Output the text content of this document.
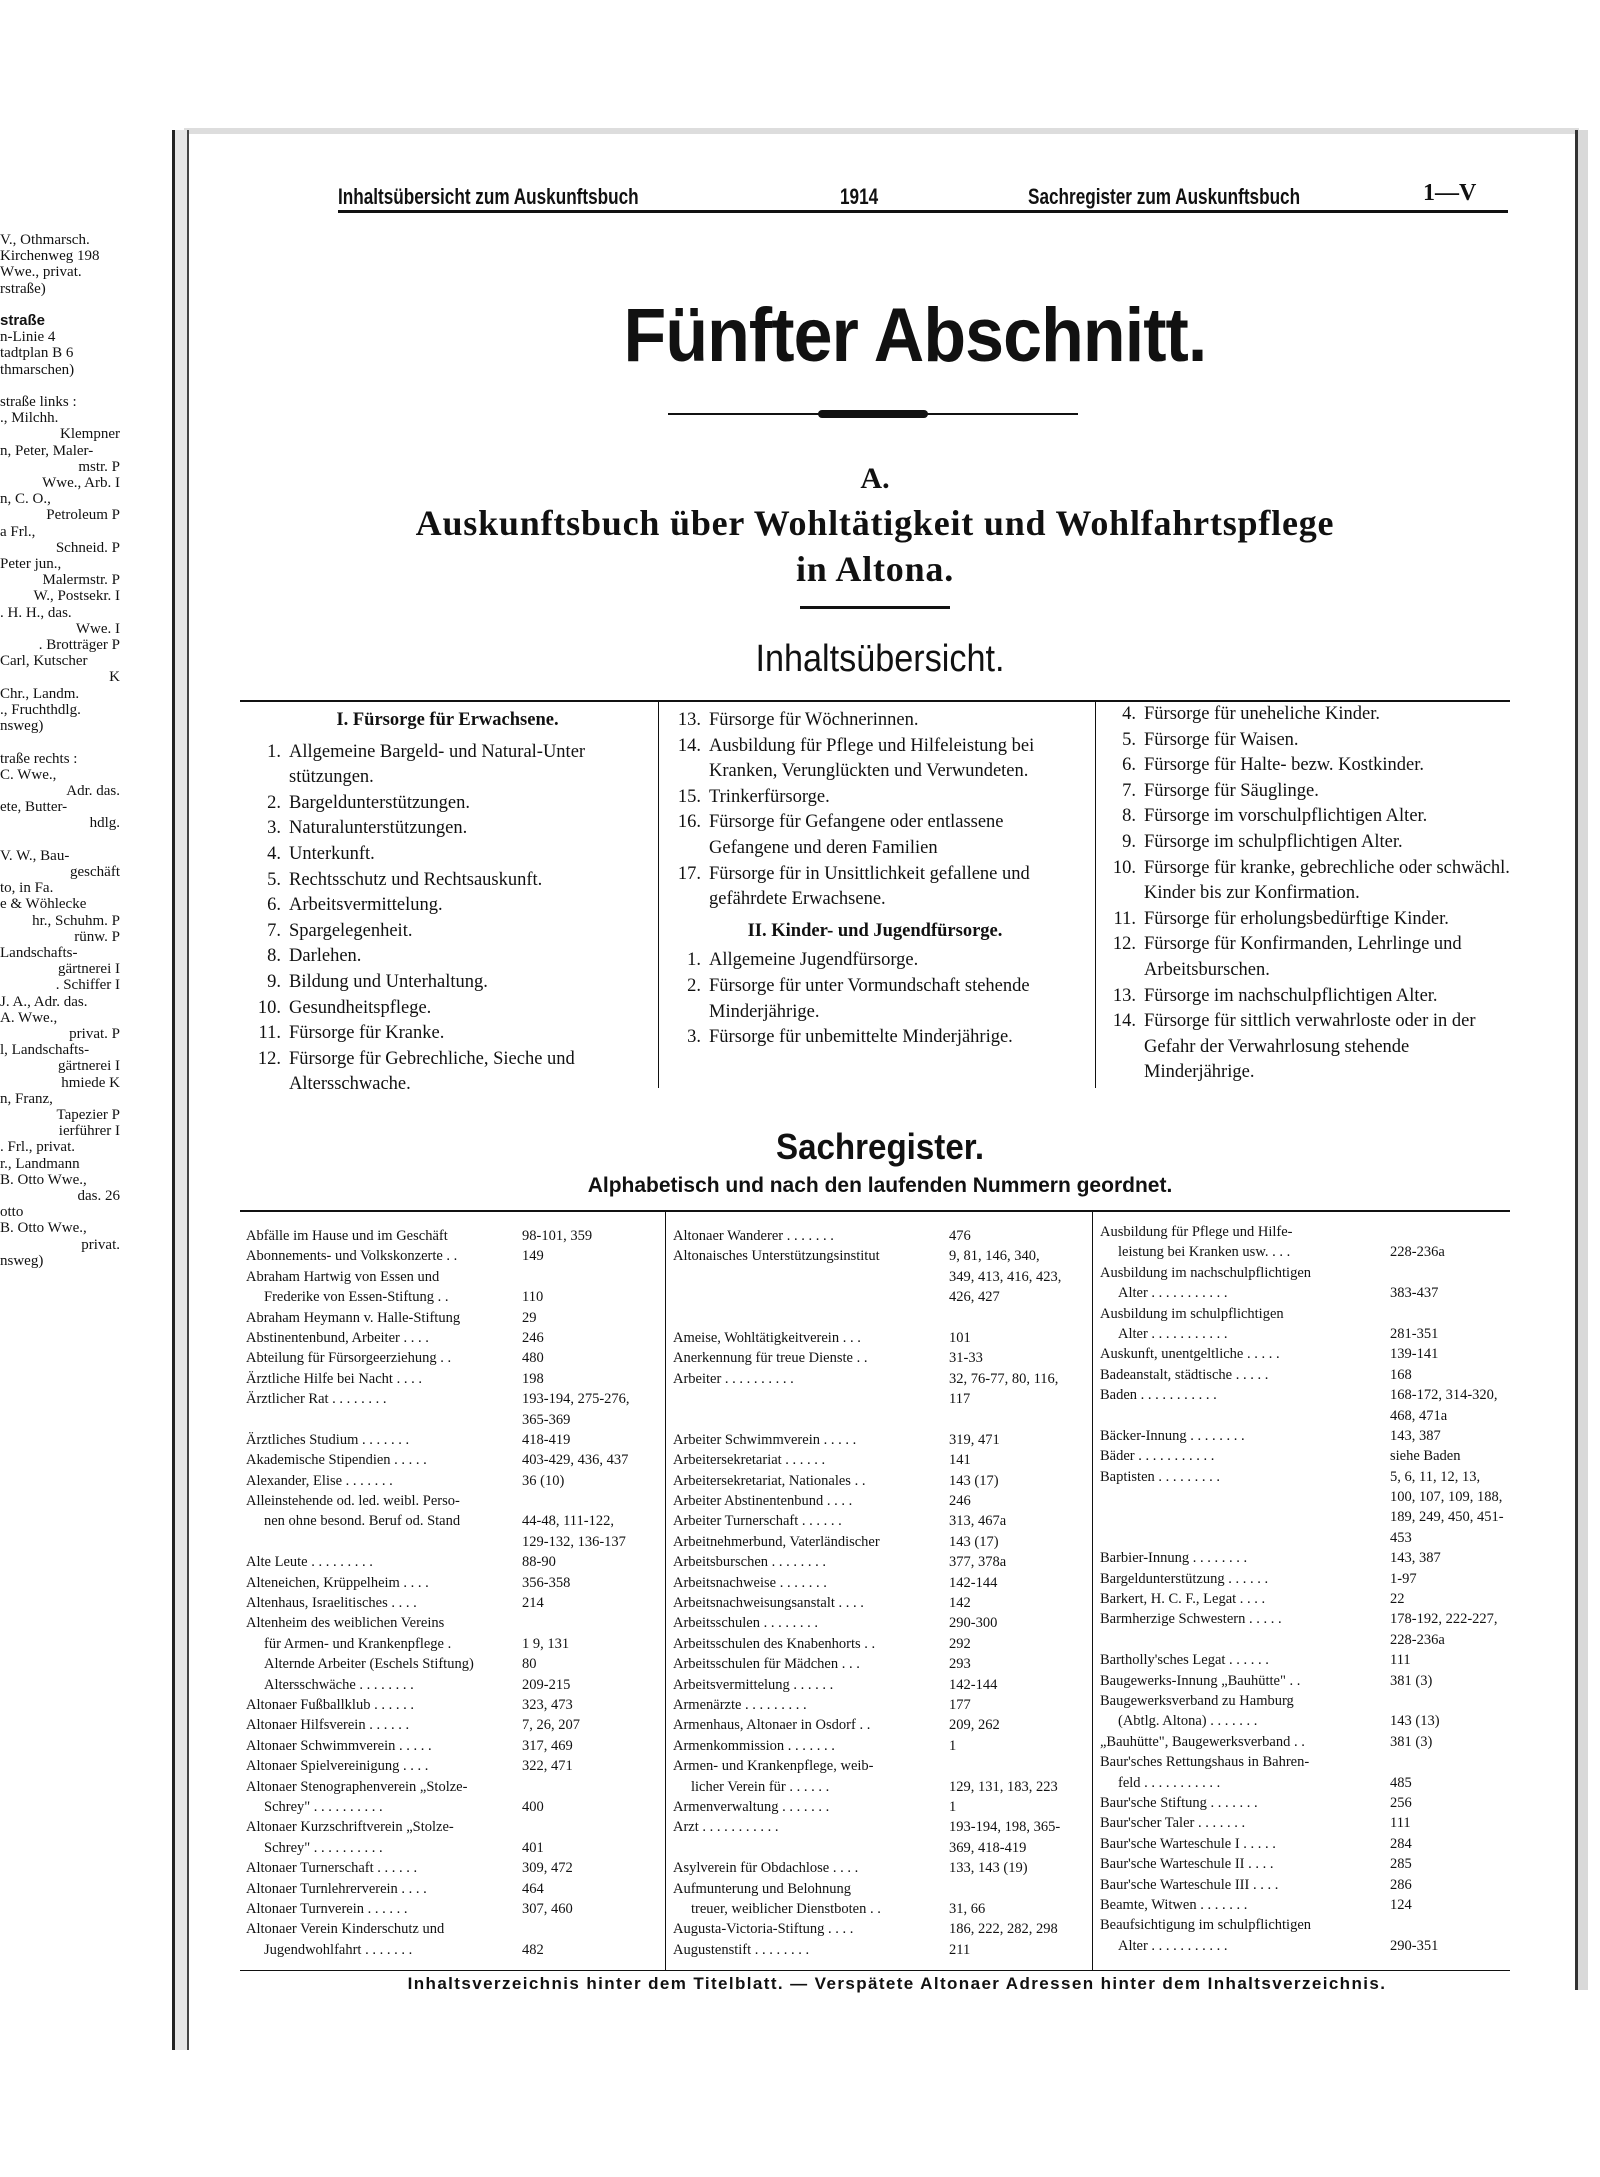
V., Othmarsch.
Kirchenweg 198
Wwe., privat.
rstraße)

straße
n-Linie 4
tadtplan B 6
thmarschen)

straße links :
., Milchh.
Klempner
n, Peter, Maler-
mstr. P
Wwe., Arb. I
n, C. O.,
Petroleum P
a Frl.,
Schneid. P
Peter jun.,
Malermstr. P
W., Postsekr. I
. H. H., das.
Wwe. I
. Brotträger P
Carl, Kutscher
K
Chr., Landm.
., Fruchthdlg.
nsweg)

traße rechts :
C. Wwe.,
Adr. das.
ete, Butter-
hdlg.

V. W., Bau-
geschäft
to, in Fa.
e & Wöhlecke
hr., Schuhm. P
rünw. P
Landschafts-
gärtnerei I
. Schiffer I
J. A., Adr. das.
A. Wwe.,
privat. P
l, Landschafts-
gärtnerei I
hmiede K
n, Franz,
Tapezier P
ierführer I
. Frl., privat.
r., Landmann
B. Otto Wwe.,
das. 26
otto
B. Otto Wwe.,
privat.
nsweg)
Inhaltsübersicht zum Auskunftsbuch	1914	Sachregister zum Auskunftsbuch	1—V
Fünfter Abschnitt.
A.
Auskunftsbuch über Wohltätigkeit und Wohlfahrtspflege
in Altona.
Inhaltsübersicht.
I. Fürsorge für Erwachsene.
1. Allgemeine Bargeld- und Natural-Unter stützungen.
2. Bargeldunterstützungen.
3. Naturalunterstützungen.
4. Unterkunft.
5. Rechtsschutz und Rechtsauskunft.
6. Arbeitsvermittelung.
7. Spargelegenheit.
8. Darlehen.
9. Bildung und Unterhaltung.
10. Gesundheitspflege.
11. Fürsorge für Kranke.
12. Fürsorge für Gebrechliche, Sieche und Altersschwache.
13. Fürsorge für Wöchnerinnen.
14. Ausbildung für Pflege und Hilfeleistung bei Kranken, Verunglückten und Verwundeten.
15. Trinkerfürsorge.
16. Fürsorge für Gefangene oder entlassene Gefangene und deren Familien
17. Fürsorge für in Unsittlichkeit gefallene und gefährdete Erwachsene.
II. Kinder- und Jugendfürsorge.
1. Allgemeine Jugendfürsorge.
2. Fürsorge für unter Vormundschaft stehende Minderjährige.
3. Fürsorge für unbemittelte Minderjährige.
4. Fürsorge für uneheliche Kinder.
5. Fürsorge für Waisen.
6. Fürsorge für Halte- bezw. Kostkinder.
7. Fürsorge für Säuglinge.
8. Fürsorge im vorschulpflichtigen Alter.
9. Fürsorge im schulpflichtigen Alter.
10. Fürsorge für kranke, gebrechliche oder schwächl. Kinder bis zur Konfirmation.
11. Fürsorge für erholungsbedürftige Kinder.
12. Fürsorge für Konfirmanden, Lehrlinge und Arbeitsburschen.
13. Fürsorge im nachschulpflichtigen Alter.
14. Fürsorge für sittlich verwahrloste oder in der Gefahr der Verwahrlosung stehende Minderjährige.
Sachregister.
Alphabetisch und nach den laufenden Nummern geordnet.
Abfälle im Hause und im Geschäft	98-101, 359
Abonnements- und Volkskonzerte . .	149
Abraham Hartwig von Essen und
Frederike von Essen-Stiftung . .	110
Abraham Heymann v. Halle-Stiftung	29
Abstinentenbund, Arbeiter . . . .	246
Abteilung für Fürsorgeerziehung . .	480
Ärztliche Hilfe bei Nacht . . . .	198
Ärztlicher Rat . . . . . . . .	193-194, 275-276,

365-369
Ärztliches Studium . . . . . . .	418-419
Akademische Stipendien . . . . .	403-429, 436, 437
Alexander, Elise . . . . . . .	36 (10)
Alleinstehende od. led. weibl. Perso-
nen ohne besond. Beruf od. Stand	44-48, 111-122,

129-132, 136-137
Alte Leute . . . . . . . . .	88-90
Alteneichen, Krüppelheim . . . .	356-358
Altenhaus, Israelitisches . . . .	214
Altenheim des weiblichen Vereins
für Armen- und Krankenpflege .	1 9, 131
Alternde Arbeiter (Eschels Stiftung)	80
Altersschwäche . . . . . . . .	209-215
Altonaer Fußballklub . . . . . .	323, 473
Altonaer Hilfsverein . . . . . .	7, 26, 207
Altonaer Schwimmverein . . . . .	317, 469
Altonaer Spielvereinigung . . . .	322, 471
Altonaer Stenographenverein „Stolze-
Schrey" . . . . . . . . . .	400
Altonaer Kurzschriftverein „Stolze-
Schrey" . . . . . . . . . .	401
Altonaer Turnerschaft . . . . . .	309, 472
Altonaer Turnlehrerverein . . . .	464
Altonaer Turnverein . . . . . .	307, 460
Altonaer Verein Kinderschutz und
Jugendwohlfahrt . . . . . . .	482
Altonaer Wanderer . . . . . . .	476
Altonaisches Unterstützungsinstitut	9, 81, 146, 340,

349, 413, 416, 423,

426, 427

Ameise, Wohltätigkeitverein . . .	101
Anerkennung für treue Dienste . .	31-33
Arbeiter . . . . . . . . . .	32, 76-77, 80, 116,

117

Arbeiter Schwimmverein . . . . .	319, 471
Arbeitersekretariat . . . . . .	141
Arbeitersekretariat, Nationales . .	143 (17)
Arbeiter Abstinentenbund . . . .	246
Arbeiter Turnerschaft . . . . . .	313, 467a
Arbeitnehmerbund, Vaterländischer	143 (17)
Arbeitsburschen . . . . . . . .	377, 378a
Arbeitsnachweise . . . . . . .	142-144
Arbeitsnachweisungsanstalt . . . .	142
Arbeitsschulen . . . . . . . .	290-300
Arbeitsschulen des Knabenhorts . .	292
Arbeitsschulen für Mädchen . . .	293
Arbeitsvermittelung . . . . . .	142-144
Armenärzte . . . . . . . . .	177
Armenhaus, Altonaer in Osdorf . .	209, 262
Armenkommission . . . . . . .	1
Armen- und Krankenpflege, weib-
licher Verein für . . . . . .	129, 131, 183, 223
Armenverwaltung . . . . . . .	1
Arzt . . . . . . . . . . .	193-194, 198, 365-

369, 418-419
Asylverein für Obdachlose . . . .	133, 143 (19)
Aufmunterung und Belohnung
treuer, weiblicher Dienstboten . .	31, 66
Augusta-Victoria-Stiftung . . . .	186, 222, 282, 298
Augustenstift . . . . . . . .	211
Ausbildung für Pflege und Hilfe-
leistung bei Kranken usw. . . .	228-236a
Ausbildung im nachschulpflichtigen
Alter . . . . . . . . . . .	383-437
Ausbildung im schulpflichtigen
Alter . . . . . . . . . . .	281-351
Auskunft, unentgeltliche . . . . .	139-141
Badeanstalt, städtische . . . . .	168
Baden . . . . . . . . . . .	168-172, 314-320,

468, 471a
Bäcker-Innung . . . . . . . .	143, 387
Bäder . . . . . . . . . . .	siehe Baden
Baptisten . . . . . . . . .	5, 6, 11, 12, 13,

100, 107, 109, 188,

189, 249, 450, 451-

453
Barbier-Innung . . . . . . . .	143, 387
Bargeldunterstützung . . . . . .	1-97
Barkert, H. C. F., Legat . . . .	22
Barmherzige Schwestern . . . . .	178-192, 222-227,

228-236a
Bartholly'sches Legat . . . . . .	111
Baugewerks-Innung „Bauhütte" . .	381 (3)
Baugewerksverband zu Hamburg
(Abtlg. Altona) . . . . . . .	143 (13)
„Bauhütte", Baugewerksverband . .	381 (3)
Baur'sches Rettungshaus in Bahren-
feld . . . . . . . . . . .	485
Baur'sche Stiftung . . . . . . .	256
Baur'scher Taler . . . . . . .	111
Baur'sche Warteschule I . . . . .	284
Baur'sche Warteschule II . . . .	285
Baur'sche Warteschule III . . . .	286
Beamte, Witwen . . . . . . .	124
Beaufsichtigung im schulpflichtigen
Alter . . . . . . . . . . .	290-351
Inhaltsverzeichnis hinter dem Titelblatt. — Verspätete Altonaer Adressen hinter dem Inhaltsverzeichnis.
